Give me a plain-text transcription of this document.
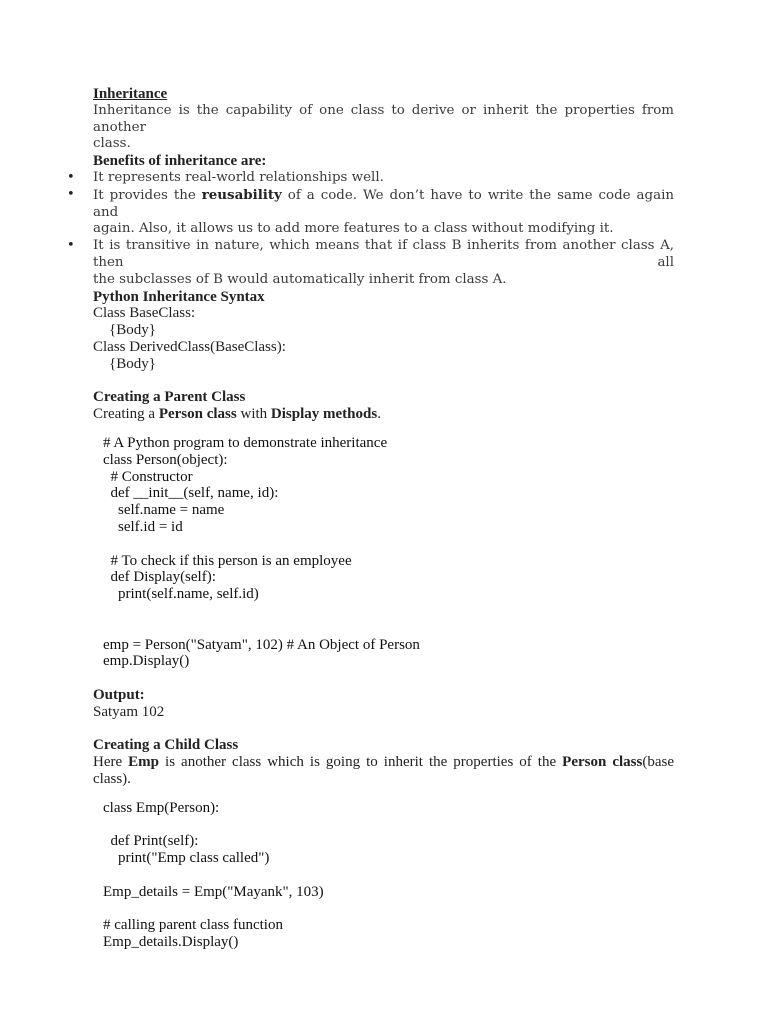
Inheritance
Inheritance is the capability of one class to derive or inherit the properties from another
class.
Benefits of inheritance are:
• It represents real-world relationships well.
• It provides the reusability of a code. We don’t have to write the same code again and
again. Also, it allows us to add more features to a class without modifying it.
• It is transitive in nature, which means that if class B inherits from another class A, then all
the subclasses of B would automatically inherit from class A.
Python Inheritance Syntax
Class BaseClass:
{Body}
Class DerivedClass(BaseClass):
{Body}
Creating a Parent Class
Creating a Person class with Display methods.
# A Python program to demonstrate inheritance
class Person(object):
# Constructor
def __init__(self, name, id):
self.name = name
self.id = id
# To check if this person is an employee
def Display(self):
print(self.name, self.id)
emp = Person("Satyam", 102) # An Object of Person
emp.Display()
Output:
Satyam 102
Creating a Child Class
Here Emp is another class which is going to inherit the properties of the Person class(base
class).
class Emp(Person):
def Print(self):
print("Emp class called")
Emp_details = Emp("Mayank", 103)
# calling parent class function
Emp_details.Display()
